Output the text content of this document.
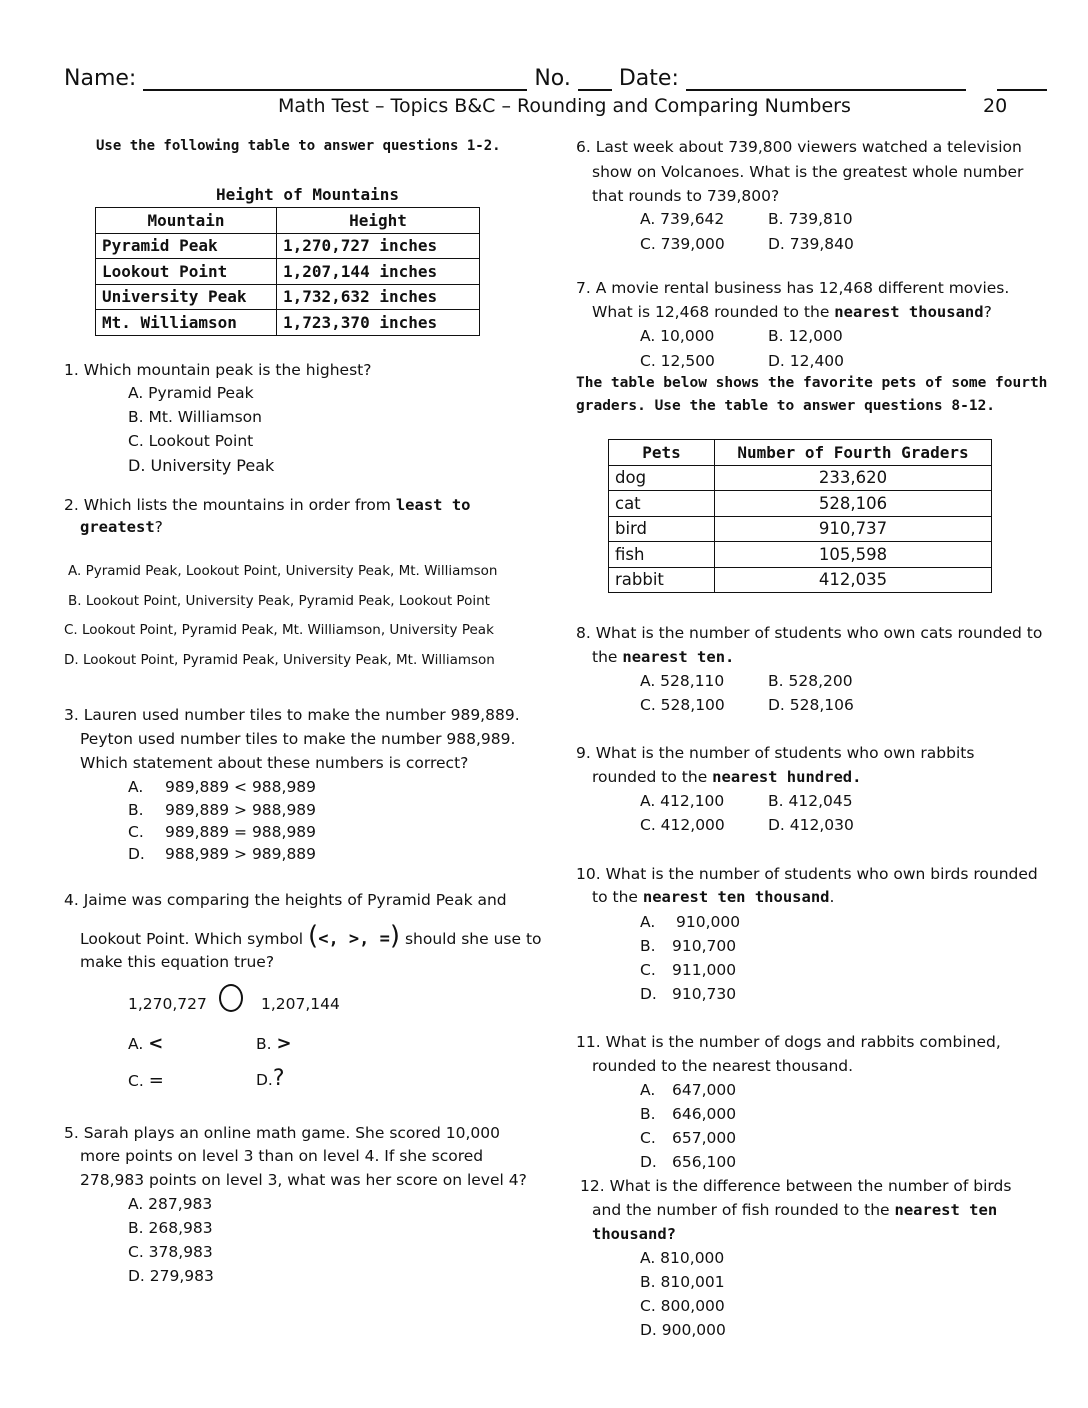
Name:	No. Date:
Math Test – Topics B&C – Rounding and Comparing Numbers	20
Use the following table to answer questions 1-2.
Height of Mountains
Mountain	Height
Pyramid Peak	1,270,727 inches
Lookout Point	1,207,144 inches
University Peak	1,732,632 inches
Mt. Williamson	1,723,370 inches
1. Which mountain peak is the highest?
A. Pyramid Peak
B. Mt. Williamson
C. Lookout Point
D. University Peak
2. Which lists the mountains in order from least to
greatest?
A. Pyramid Peak, Lookout Point, University Peak, Mt. Williamson
B. Lookout Point, University Peak, Pyramid Peak, Lookout Point
C. Lookout Point, Pyramid Peak, Mt. Williamson, University Peak
D. Lookout Point, Pyramid Peak, University Peak, Mt. Williamson
3. Lauren used number tiles to make the number 989,889.
Peyton used number tiles to make the number 988,989.
Which statement about these numbers is correct?
A. 989,889 < 988,989
B. 989,889 > 988,989
C. 989,889 = 988,989
D. 988,989 > 989,889
4. Jaime was comparing the heights of Pyramid Peak and
Lookout Point. Which symbol (<, >, =) should she use to
make this equation true?
1,270,727	1,207,144
A. <	B. >
C. =	D.?
5. Sarah plays an online math game. She scored 10,000
more points on level 3 than on level 4. If she scored
278,983 points on level 3, what was her score on level 4?
A. 287,983
B. 268,983
C. 378,983
D. 279,983
6. Last week about 739,800 viewers watched a television
show on Volcanoes. What is the greatest whole number
that rounds to 739,800?
A. 739,642	B. 739,810
C. 739,000	D. 739,840
7. A movie rental business has 12,468 different movies.
What is 12,468 rounded to the nearest thousand?
A. 10,000	B. 12,000
C. 12,500	D. 12,400
The table below shows the favorite pets of some fourth
graders. Use the table to answer questions 8-12.
Pets	Number of Fourth Graders
dog	233,620
cat	528,106
bird	910,737
fish	105,598
rabbit	412,035
8. What is the number of students who own cats rounded to
the nearest ten.
A. 528,110	B. 528,200
C. 528,100	D. 528,106
9. What is the number of students who own rabbits
rounded to the nearest hundred.
A. 412,100	B. 412,045
C. 412,000	D. 412,030
10. What is the number of students who own birds rounded
to the nearest ten thousand.
A. 910,000
B. 910,700
C. 911,000
D. 910,730
11. What is the number of dogs and rabbits combined,
rounded to the nearest thousand.
A. 647,000
B. 646,000
C. 657,000
D. 656,100
12. What is the difference between the number of birds
and the number of fish rounded to the nearest ten
thousand?
A. 810,000
B. 810,001
C. 800,000
D. 900,000
